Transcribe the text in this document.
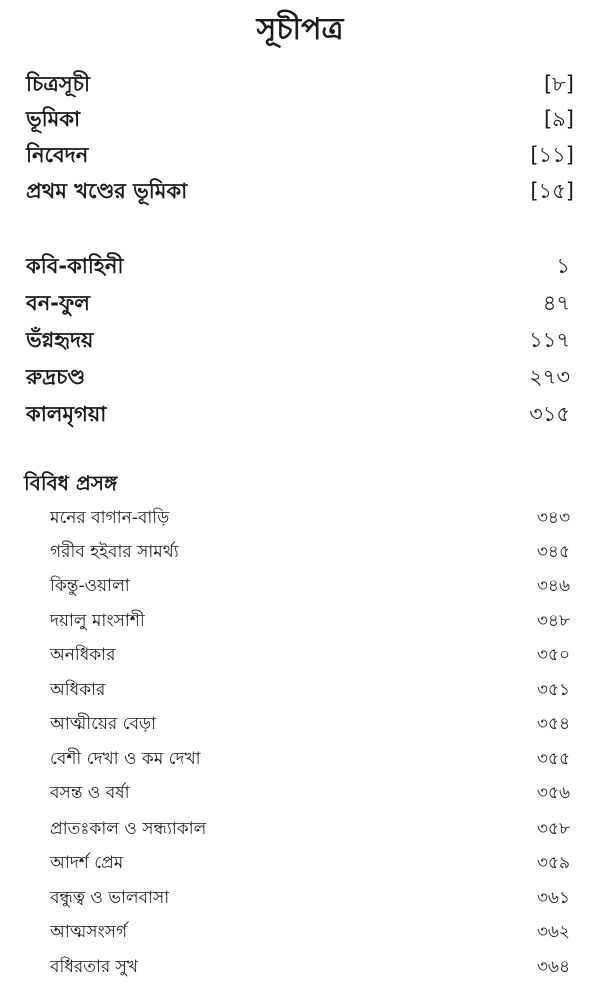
সূচীপত্র
চিত্রসূচী	[৮]
ভূমিকা	[৯]
নিবেদন	[১১]
প্রথম খণ্ডের ভূমিকা	[১৫]
কবি-কাহিনী	১
বন-ফুল	৪৭
ভঁগ্নহৃদয়	১১৭
রুদ্রচণ্ড	২৭৩
কালমৃগয়া	৩১৫
বিবিধ প্রসঙ্গ
মনের বাগান-বাড়ি	৩৪৩
গরীব হইবার সামর্থ্য	৩৪৫
কিন্তু-ওয়ালা	৩৪৬
দয়ালু মাংসাশী	৩৪৮
অনধিকার	৩৫০
অধিকার	৩৫১
আত্মীয়ের বেড়া	৩৫৪
বেশী দেখা ও কম দেখা	৩৫৫
বসন্ত ও বর্ষা	৩৫৬
প্রাতঃকাল ও সন্ধ্যাকাল	৩৫৮
আদর্শ প্রেম	৩৫৯
বন্ধুত্ব ও ভালবাসা	৩৬১
আত্মসংসর্গ	৩৬২
বধিরতার সুখ	৩৬৪
